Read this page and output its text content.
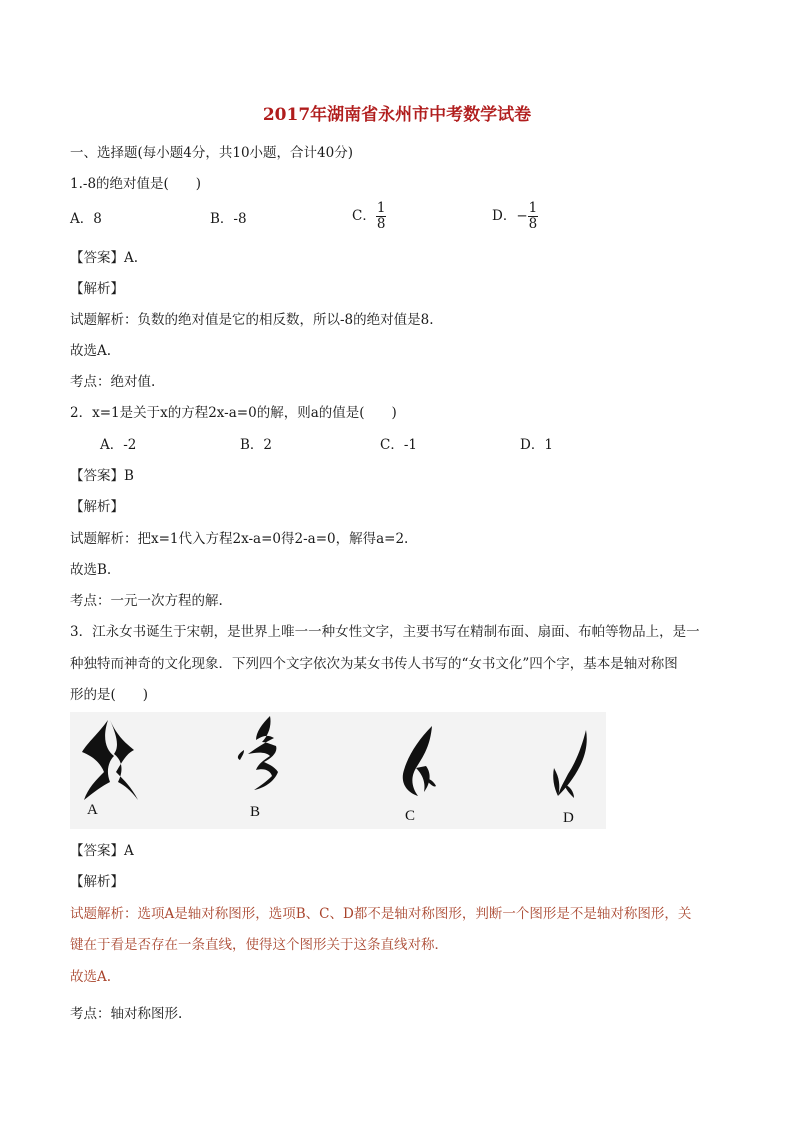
2017年湖南省永州市中考数学试卷
一、选择题(每小题4分，共10小题，合计40分)
1.-8的绝对值是(　　)
A．8	B．-8	C． $\frac{1}{8}$	D．− $\frac{1}{8}$
【答案】A.
【解析】
试题解析：负数的绝对值是它的相反数，所以-8的绝对值是8.
故选A.
考点：绝对值.
2．x=1是关于x的方程2x-a=0的解，则a的值是(　　)
A．-2	B．2	C．-1	D．1
【答案】B
【解析】
试题解析：把x=1代入方程2x-a=0得2-a=0，解得a=2.
故选B.
考点：一元一次方程的解.
3．江永女书诞生于宋朝，是世界上唯一一种女性文字，主要书写在精制布面、扇面、布帕等物品上，是一
种独特而神奇的文化现象．下列四个文字依次为某女书传人书写的“女书文化”四个字，基本是轴对称图
形的是(　　)
A	B	C	D
【答案】A
【解析】
试题解析：选项A是轴对称图形，选项B、C、D都不是轴对称图形，判断一个图形是不是轴对称图形，关
键在于看是否存在一条直线，使得这个图形关于这条直线对称．
故选A.
考点：轴对称图形.
